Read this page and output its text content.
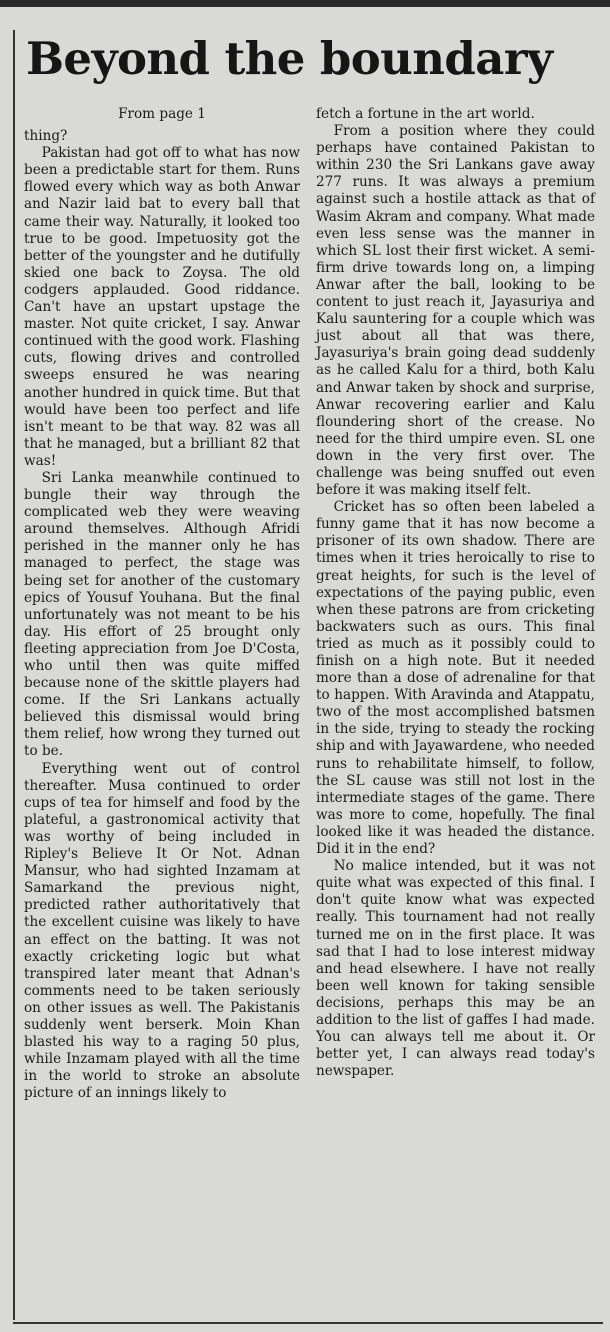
Beyond the boundary
From page 1

thing?

Pakistan had got off to what has now been a predictable start for them. Runs flowed every which way as both Anwar and Nazir laid bat to every ball that came their way. Naturally, it looked too true to be good. Impetuosity got the better of the youngster and he dutifully skied one back to Zoysa. The old codgers applauded. Good riddance. Can't have an upstart upstage the master. Not quite cricket, I say. Anwar continued with the good work. Flashing cuts, flowing drives and controlled sweeps ensured he was nearing another hundred in quick time. But that would have been too perfect and life isn't meant to be that way. 82 was all that he managed, but a brilliant 82 that was!

Sri Lanka meanwhile continued to bungle their way through the complicated web they were weaving around themselves. Although Afridi perished in the manner only he has managed to perfect, the stage was being set for another of the customary epics of Yousuf Youhana. But the final unfortunately was not meant to be his day. His effort of 25 brought only fleeting appreciation from Joe D'Costa, who until then was quite miffed because none of the skittle players had come. If the Sri Lankans actually believed this dismissal would bring them relief, how wrong they turned out to be.

Everything went out of control thereafter. Musa continued to order cups of tea for himself and food by the plateful, a gastronomical activity that was worthy of being included in Ripley's Believe It Or Not. Adnan Mansur, who had sighted Inzamam at Samarkand the previous night, predicted rather authoritatively that the excellent cuisine was likely to have an effect on the batting. It was not exactly cricketing logic but what transpired later meant that Adnan's comments need to be taken seriously on other issues as well. The Pakistanis suddenly went berserk. Moin Khan blasted his way to a raging 50 plus, while Inzamam played with all the time in the world to stroke an absolute picture of an innings likely to

fetch a fortune in the art world.

From a position where they could perhaps have contained Pakistan to within 230 the Sri Lankans gave away 277 runs. It was always a premium against such a hostile attack as that of Wasim Akram and company. What made even less sense was the manner in which SL lost their first wicket. A semi-firm drive towards long on, a limping Anwar after the ball, looking to be content to just reach it, Jayasuriya and Kalu sauntering for a couple which was just about all that was there, Jayasuriya's brain going dead suddenly as he called Kalu for a third, both Kalu and Anwar taken by shock and surprise, Anwar recovering earlier and Kalu floundering short of the crease. No need for the third umpire even. SL one down in the very first over. The challenge was being snuffed out even before it was making itself felt.

Cricket has so often been labeled a funny game that it has now become a prisoner of its own shadow. There are times when it tries heroically to rise to great heights, for such is the level of expectations of the paying public, even when these patrons are from cricketing backwaters such as ours. This final tried as much as it possibly could to finish on a high note. But it needed more than a dose of adrenaline for that to happen. With Aravinda and Atappatu, two of the most accomplished batsmen in the side, trying to steady the rocking ship and with Jayawardene, who needed runs to rehabilitate himself, to follow, the SL cause was still not lost in the intermediate stages of the game. There was more to come, hopefully. The final looked like it was headed the distance. Did it in the end?

No malice intended, but it was not quite what was expected of this final. I don't quite know what was expected really. This tournament had not really turned me on in the first place. It was sad that I had to lose interest midway and head elsewhere. I have not really been well known for taking sensible decisions, perhaps this may be an addition to the list of gaffes I had made. You can always tell me about it. Or better yet, I can always read today's newspaper.
